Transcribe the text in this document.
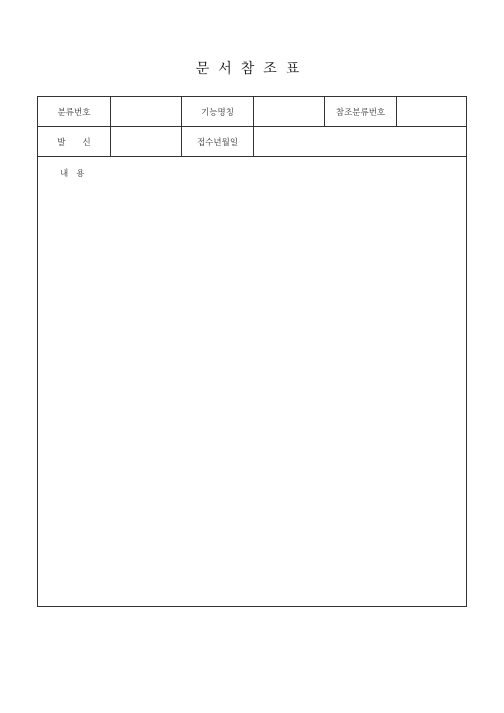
문서참조표
분류번호	기능명칭	참조분류번호
발　　신	접수년월일
내용
